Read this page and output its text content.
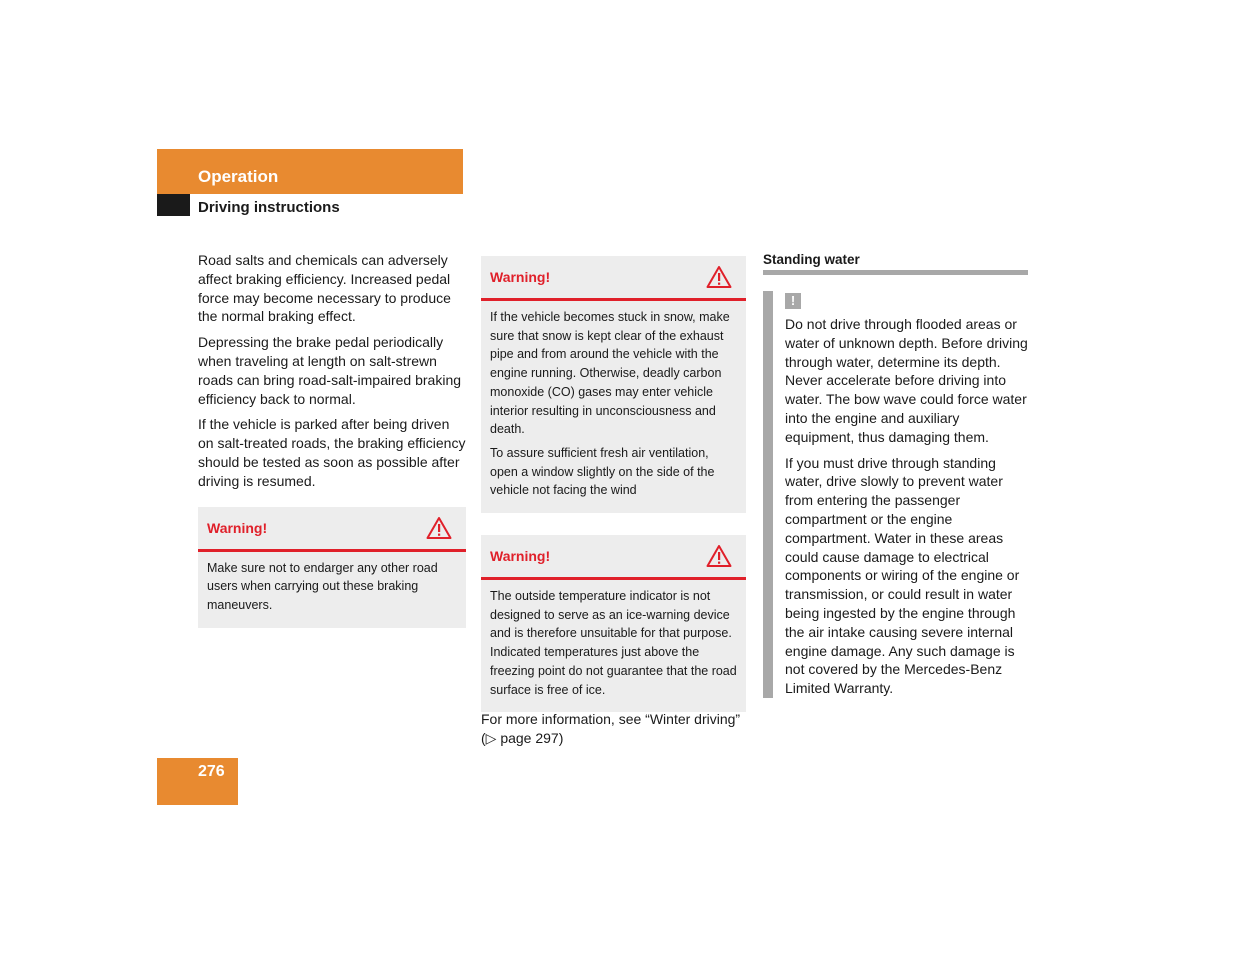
Operation
Driving instructions

Road salts and chemicals can adversely affect braking efficiency. Increased pedal force may become necessary to produce the normal braking effect.

Depressing the brake pedal periodically when traveling at length on salt-strewn roads can bring road-salt-impaired braking efficiency back to normal.

If the vehicle is parked after being driven on salt-treated roads, the braking efficiency should be tested as soon as possible after driving is resumed.

Warning!

Make sure not to endarger any other road users when carrying out these braking maneuvers.

Warning!

If the vehicle becomes stuck in snow, make sure that snow is kept clear of the exhaust pipe and from around the vehicle with the engine running. Otherwise, deadly carbon monoxide (CO) gases may enter vehicle interior resulting in unconsciousness and death.

To assure sufficient fresh air ventilation, open a window slightly on the side of the vehicle not facing the wind

Warning!

The outside temperature indicator is not designed to serve as an ice-warning device and is therefore unsuitable for that purpose. Indicated temperatures just above the freezing point do not guarantee that the road surface is free of ice.

For more information, see “Winter driving” (▷ page 297)
Standing water
!

Do not drive through flooded areas or water of unknown depth. Before driving through water, determine its depth. Never accelerate before driving into water. The bow wave could force water into the engine and auxiliary equipment, thus damaging them.

If you must drive through standing water, drive slowly to prevent water from entering the passenger compartment or the engine compartment. Water in these areas could cause damage to electrical components or wiring of the engine or transmission, or could result in water being ingested by the engine through the air intake causing severe internal engine damage. Any such damage is not covered by the Mercedes-Benz Limited Warranty.

276
